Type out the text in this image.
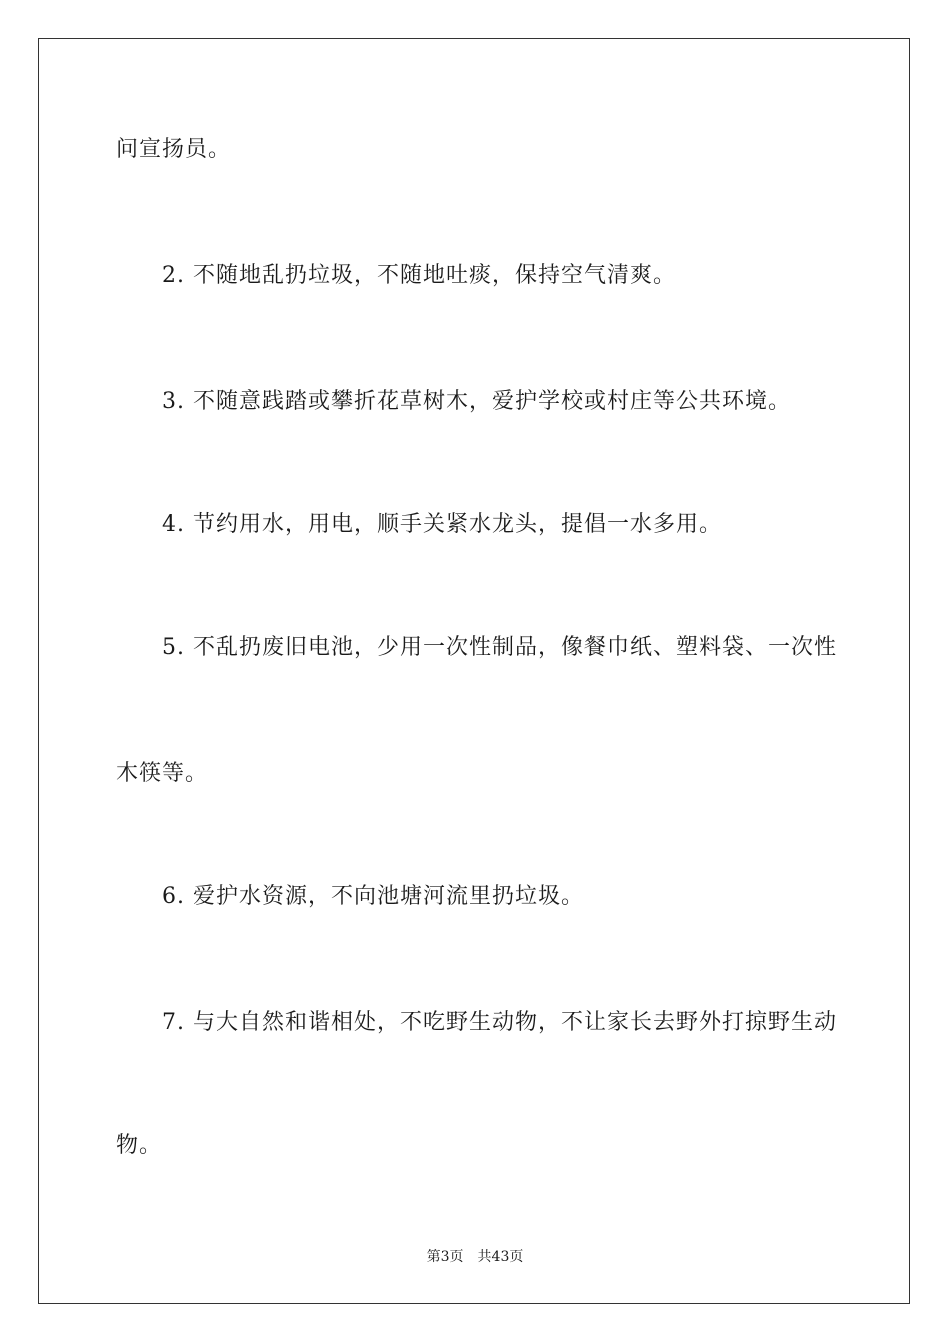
问宣扬员。
2. 不随地乱扔垃圾，不随地吐痰，保持空气清爽。
3. 不随意践踏或攀折花草树木，爱护学校或村庄等公共环境。
4. 节约用水，用电，顺手关紧水龙头，提倡一水多用。
5. 不乱扔废旧电池，少用一次性制品，像餐巾纸、塑料袋、一次性
木筷等。
6. 爱护水资源，不向池塘河流里扔垃圾。
7. 与大自然和谐相处，不吃野生动物，不让家长去野外打掠野生动
物。
第3页 共43页
